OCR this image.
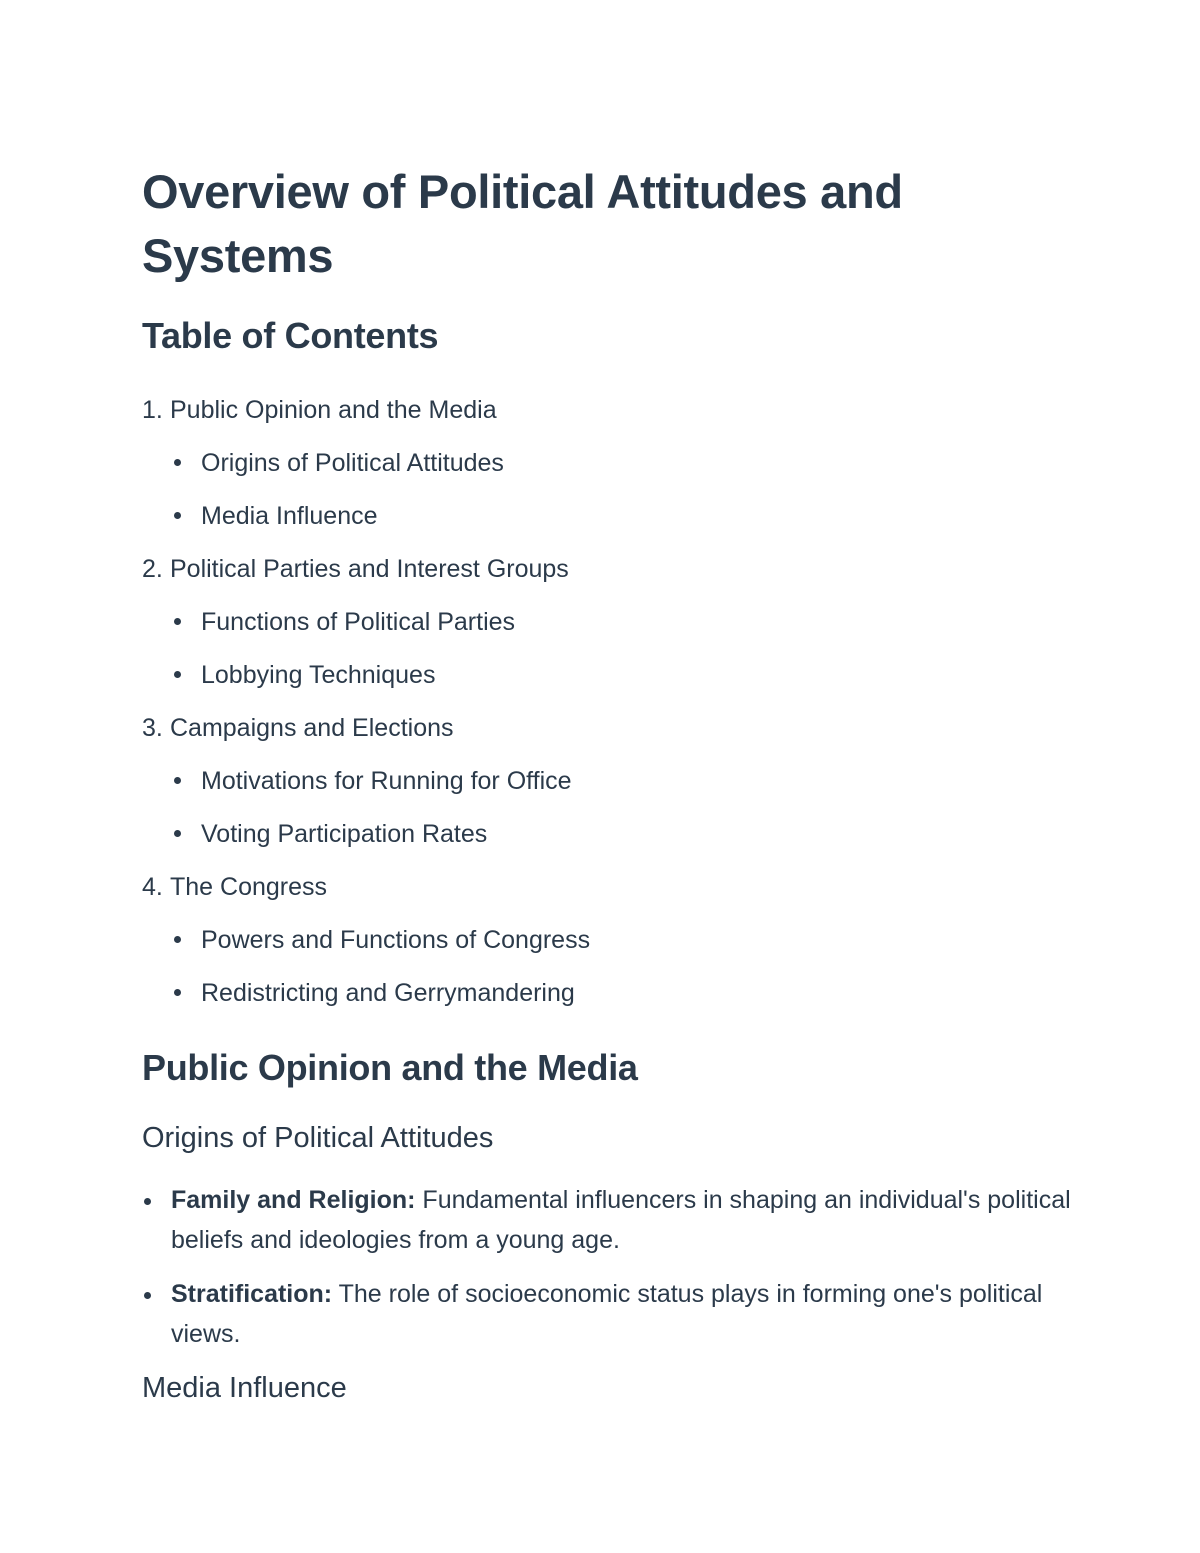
Overview of Political Attitudes and Systems
Table of Contents
1. Public Opinion and the Media
Origins of Political Attitudes
Media Influence
2. Political Parties and Interest Groups
Functions of Political Parties
Lobbying Techniques
3. Campaigns and Elections
Motivations for Running for Office
Voting Participation Rates
4. The Congress
Powers and Functions of Congress
Redistricting and Gerrymandering
Public Opinion and the Media
Origins of Political Attitudes
Family and Religion: Fundamental influencers in shaping an individual's political beliefs and ideologies from a young age.
Stratification: The role of socioeconomic status plays in forming one's political views.
Media Influence
